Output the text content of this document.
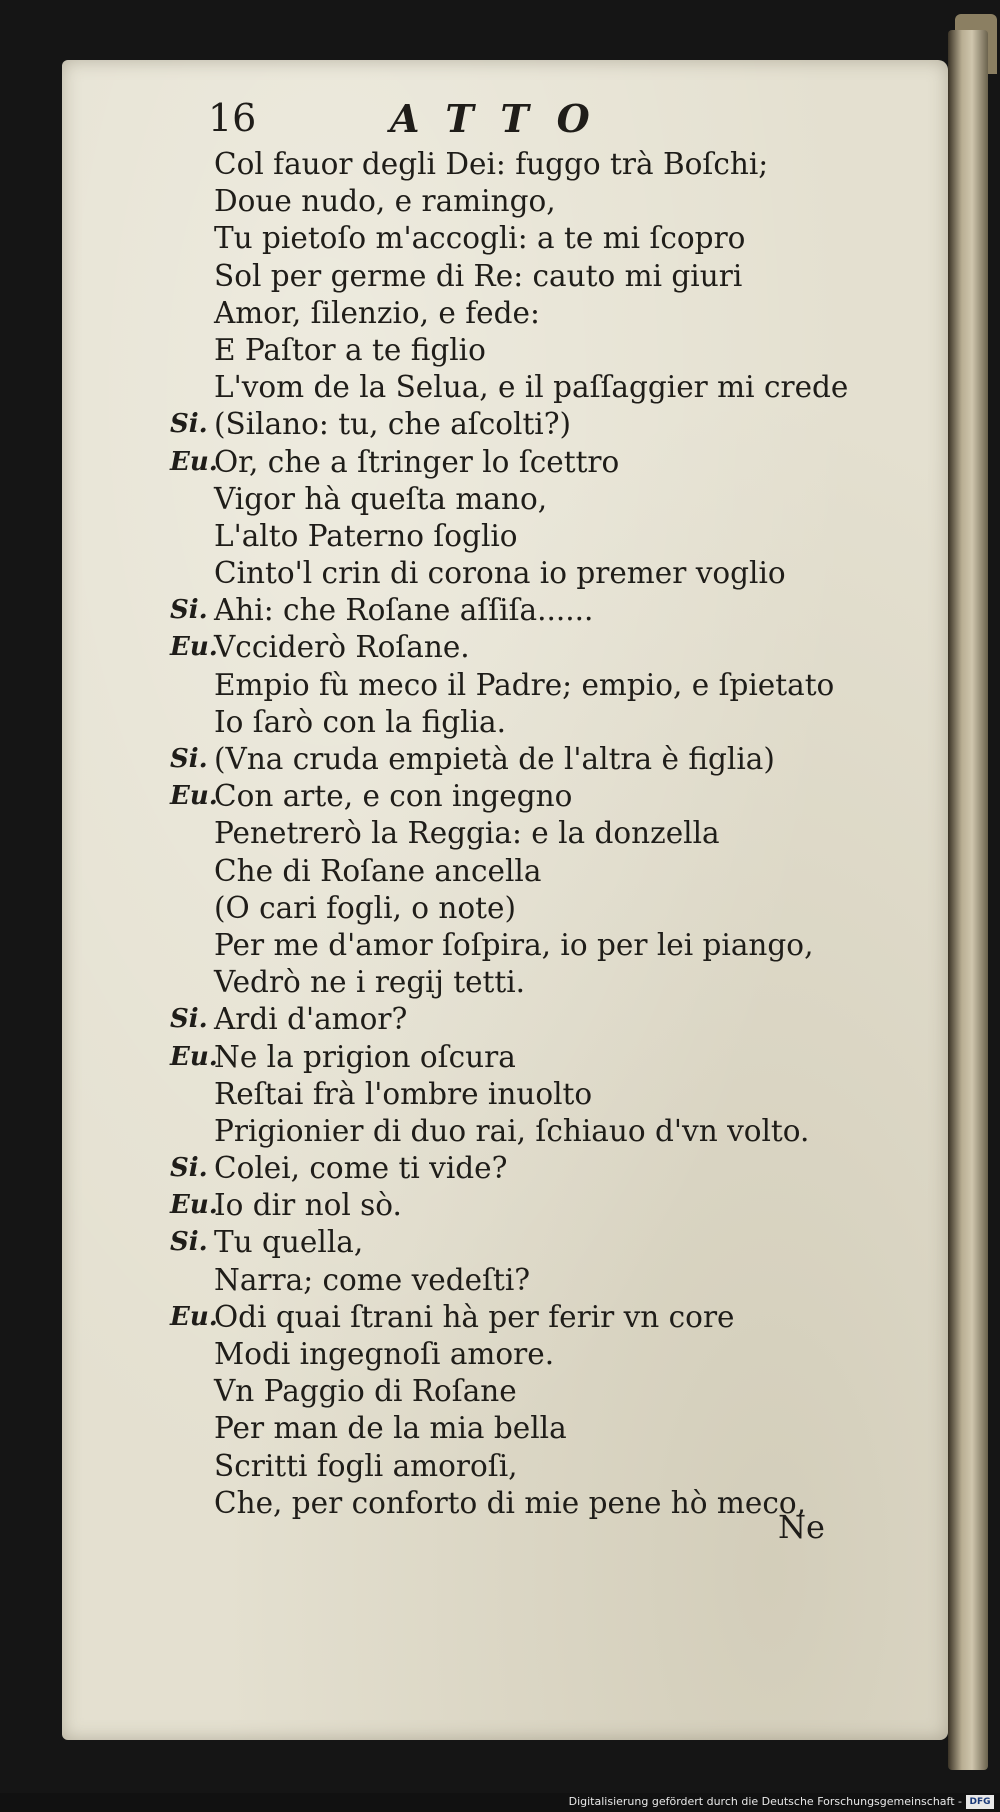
16	ATTO
Col fauor degli Dei: fuggo trà Boſchi;
Doue nudo, e ramingo,
Tu pietoſo m'accogli: a te mi ſcopro
Sol per germe di Re: cauto mi giuri
Amor, ſilenzio, e fede:
E Paſtor a te figlio
L'vom de la Selua, e il paſſaggier mi crede
Si. (Silano: tu, che aſcolti?)
Eu.
Or, che a ſtringer lo ſcettro
Vigor hà queſta mano,
L'alto Paterno ſoglio
Cinto'l crin di corona io premer voglio
Si. Ahi: che Roſane aſſiſa......
Eu.
Vcciderò Roſane.
Empio fù meco il Padre; empio, e ſpietato
Io ſarò con la figlia.
Si. (Vna cruda empietà de l'altra è figlia)
Eu.
Con arte, e con ingegno
Penetrerò la Reggia: e la donzella
Che di Roſane ancella
(O cari fogli, o note)
Per me d'amor ſoſpira, io per lei piango,
Vedrò ne i regij tetti.
Si. Ardi d'amor?
Eu.
Ne la prigion oſcura
Reſtai frà l'ombre inuolto
Prigionier di duo rai, ſchiauo d'vn volto.
Si. Colei, come ti vide?
Eu.
Io dir nol sò.
Si. Tu quella,
Narra; come vedeſti?
Eu.
Odi quai ſtrani hà per ferir vn core
Modi ingegnoſi amore.
Vn Paggio di Roſane
Per man de la mia bella
Scritti fogli amoroſi,
Che, per conforto di mie pene hò meco,
Ne
Digitalisierung gefördert durch die Deutsche Forschungsgemeinschaft - DFG
